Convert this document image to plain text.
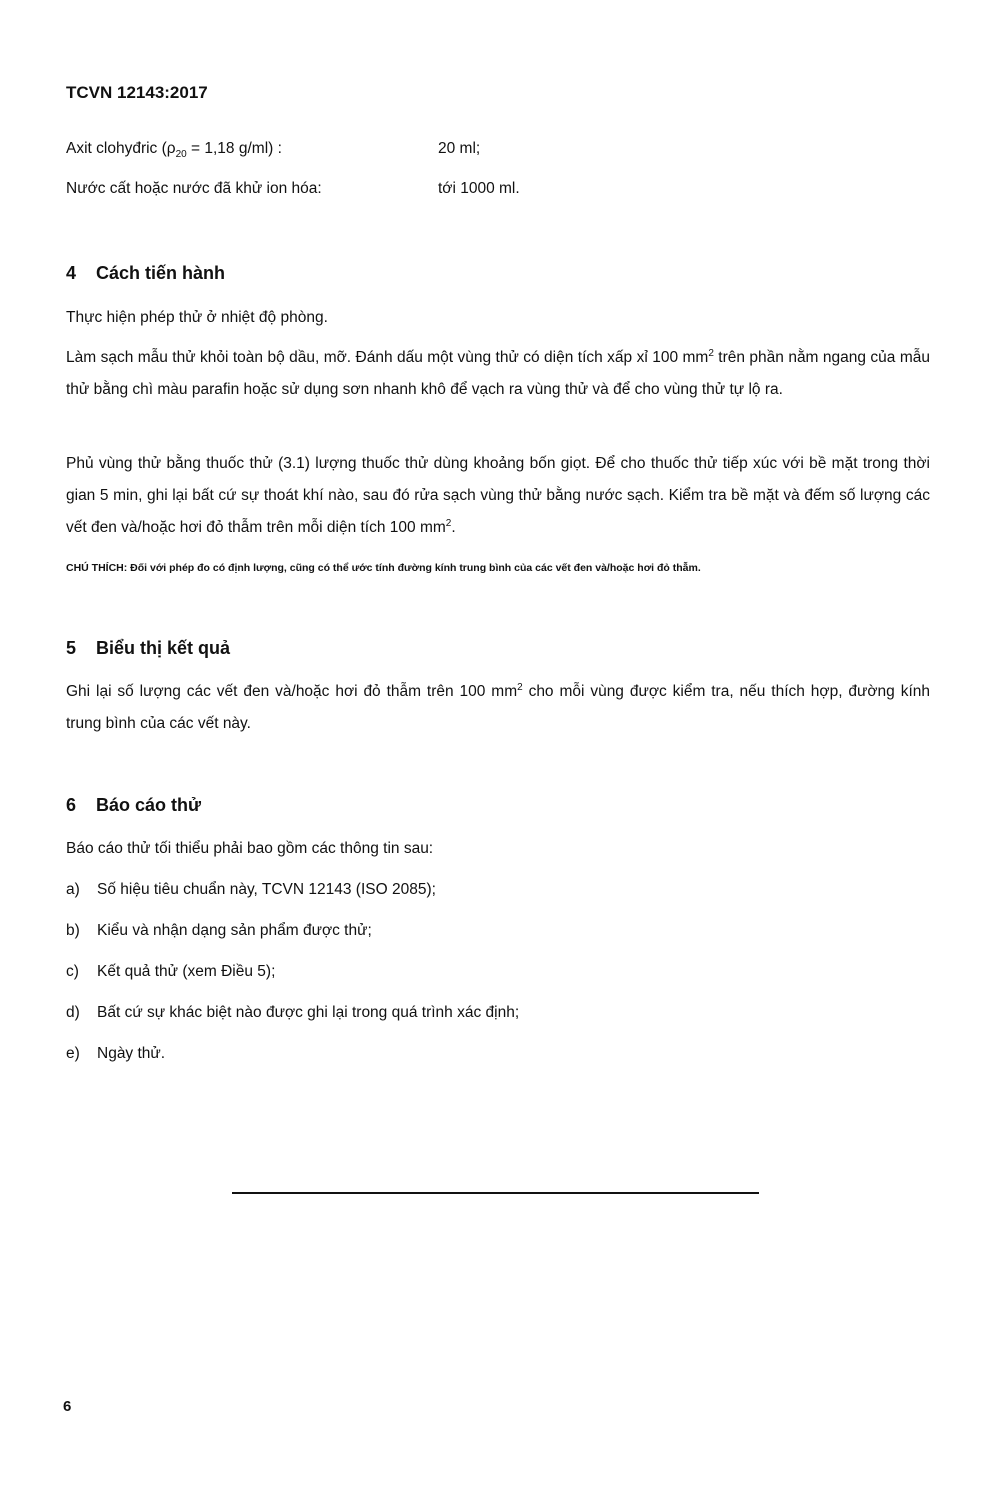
TCVN 12143:2017
Axit clohyđric ($\rho_{20} = 1,18$ g/ml) :	20 ml;
Nước cất hoặc nước đã khử ion hóa:	tới 1000 ml.
4 Cách tiến hành

Thực hiện phép thử ở nhiệt độ phòng.

Làm sạch mẫu thử khỏi toàn bộ dầu, mỡ. Đánh dấu một vùng thử có diện tích xấp xỉ 100 $mm^2$ trên phần nằm ngang của mẫu thử bằng chì màu parafin hoặc sử dụng sơn nhanh khô để vạch ra vùng thử và để cho vùng thử tự lộ ra.

Phủ vùng thử bằng thuốc thử (3.1) lượng thuốc thử dùng khoảng bốn giọt. Để cho thuốc thử tiếp xúc với bề mặt trong thời gian 5 min, ghi lại bất cứ sự thoát khí nào, sau đó rửa sạch vùng thử bằng nước sạch. Kiểm tra bề mặt và đếm số lượng các vết đen và/hoặc hơi đỏ thẫm trên mỗi diện tích 100 $mm^2$.

CHÚ THÍCH: Đối với phép đo có định lượng, cũng có thể ước tính đường kính trung bình của các vết đen và/hoặc hơi đỏ thẫm.
5 Biểu thị kết quả

Ghi lại số lượng các vết đen và/hoặc hơi đỏ thẫm trên 100 $mm^2$ cho mỗi vùng được kiểm tra, nếu thích hợp, đường kính trung bình của các vết này.

6 Báo cáo thử
Báo cáo thử tối thiểu phải bao gồm các thông tin sau:
a) Số hiệu tiêu chuẩn này, TCVN 12143 (ISO 2085);
b) Kiểu và nhận dạng sản phẩm được thử;
c) Kết quả thử (xem Điều 5);
d) Bất cứ sự khác biệt nào được ghi lại trong quá trình xác định;
e) Ngày thử.
6
